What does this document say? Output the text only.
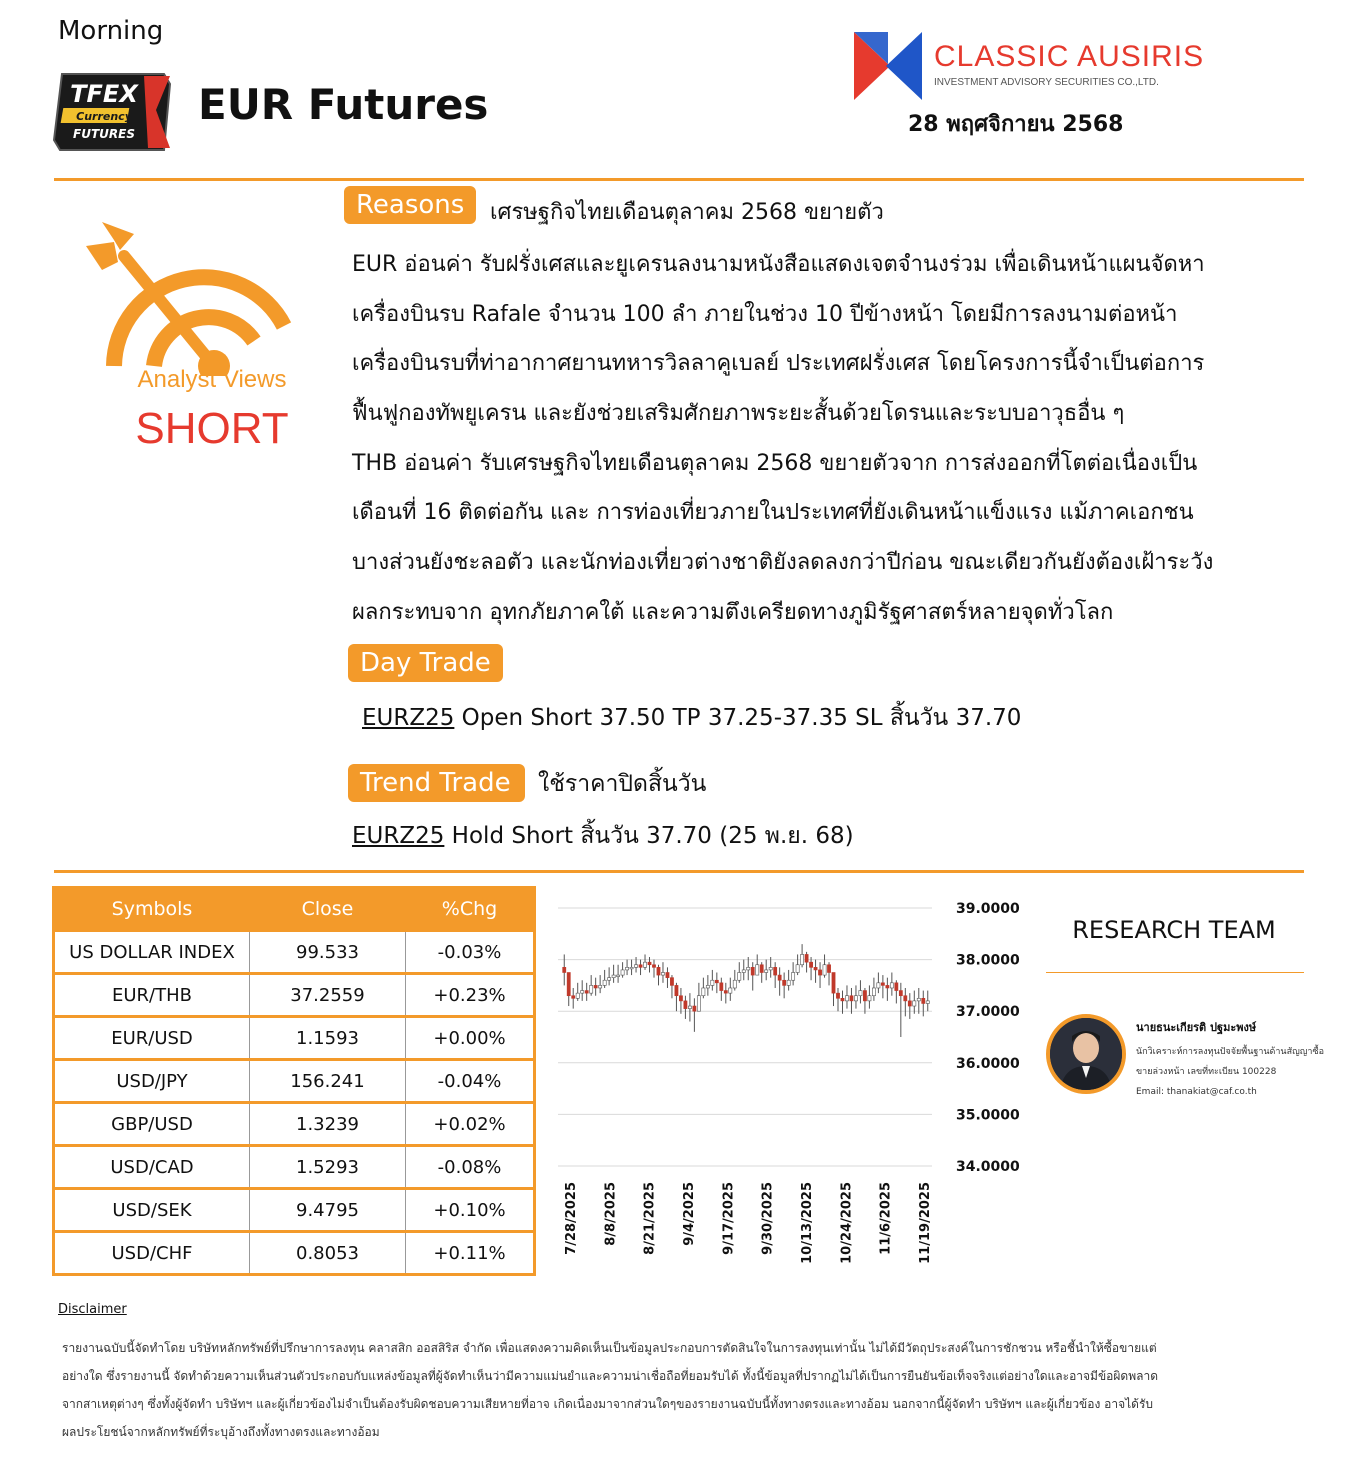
Morning
TFEX
Currency
FUTURES
EUR Futures
CLASSIC AUSIRIS
INVESTMENT ADVISORY SECURITIES CO.,LTD.
28 พฤศจิกายน 2568
Analyst Views
SHORT
Reasons	เศรษฐกิจไทยเดือนตุลาคม 2568 ขยายตัว
EUR อ่อนค่า รับฝรั่งเศสและยูเครนลงนามหนังสือแสดงเจตจำนงร่วม เพื่อเดินหน้าแผนจัดหา
เครื่องบินรบ Rafale จำนวน 100 ลำ ภายในช่วง 10 ปีข้างหน้า โดยมีการลงนามต่อหน้า
เครื่องบินรบที่ท่าอากาศยานทหารวิลลาคูเบลย์ ประเทศฝรั่งเศส โดยโครงการนี้จำเป็นต่อการ
ฟื้นฟูกองทัพยูเครน และยังช่วยเสริมศักยภาพระยะสั้นด้วยโดรนและระบบอาวุธอื่น ๆ
THB อ่อนค่า รับเศรษฐกิจไทยเดือนตุลาคม 2568 ขยายตัวจาก การส่งออกที่โตต่อเนื่องเป็น
เดือนที่ 16 ติดต่อกัน และ การท่องเที่ยวภายในประเทศที่ยังเดินหน้าแข็งแรง แม้ภาคเอกชน
บางส่วนยังชะลอตัว และนักท่องเที่ยวต่างชาติยังลดลงกว่าปีก่อน ขณะเดียวกันยังต้องเฝ้าระวัง
ผลกระทบจาก อุทกภัยภาคใต้ และความตึงเครียดทางภูมิรัฐศาสตร์หลายจุดทั่วโลก
Day Trade
EURZ25 Open Short 37.50 TP 37.25-37.35 SL สิ้นวัน 37.70
Trend Trade	ใช้ราคาปิดสิ้นวัน
EURZ25 Hold Short สิ้นวัน 37.70 (25 พ.ย. 68)
Symbols	Close	%Chg
US DOLLAR INDEX	99.533	-0.03%
EUR/THB	37.2559	+0.23%
EUR/USD	1.1593	+0.00%
USD/JPY	156.241	-0.04%
GBP/USD	1.3239	+0.02%
USD/CAD	1.5293	-0.08%
USD/SEK	9.4795	+0.10%
USD/CHF	0.8053	+0.11%
39.0000
38.0000
37.0000
36.0000
35.0000
34.0000
7/28/2025 8/8/2025 8/21/2025 9/4/2025 9/17/2025 9/30/2025 10/13/2025 10/24/2025 11/6/2025 11/19/2025
RESEARCH TEAM
นายธนะเกียรติ ปฐมะพงษ์
นักวิเคราะห์การลงทุนปัจจัยพื้นฐานด้านสัญญาซื้อ
ขายล่วงหน้า เลขที่ทะเบียน 100228
Email: thanakiat@caf.co.th
Disclaimer
รายงานฉบับนี้จัดทำโดย บริษัทหลักทรัพย์ที่ปรึกษาการลงทุน คลาสสิก ออสสิริส จำกัด เพื่อแสดงความคิดเห็นเป็นข้อมูลประกอบการตัดสินใจในการลงทุนเท่านั้น ไม่ได้มีวัตถุประสงค์ในการชักชวน หรือชี้นำให้ซื้อขายแต่
อย่างใด ซึ่งรายงานนี้ จัดทำด้วยความเห็นส่วนตัวประกอบกับแหล่งข้อมูลที่ผู้จัดทำเห็นว่ามีความแม่นยำและความน่าเชื่อถือที่ยอมรับได้ ทั้งนี้ข้อมูลที่ปรากฏไม่ได้เป็นการยืนยันข้อเท็จจริงแต่อย่างใดและอาจมีข้อผิดพลาด
จากสาเหตุต่างๆ ซึ่งทั้งผู้จัดทำ บริษัทฯ และผู้เกี่ยวข้องไม่จำเป็นต้องรับผิดชอบความเสียหายที่อาจ เกิดเนื่องมาจากส่วนใดๆของรายงานฉบับนี้ทั้งทางตรงและทางอ้อม นอกจากนี้ผู้จัดทำ บริษัทฯ และผู้เกี่ยวข้อง อาจได้รับ
ผลประโยชน์จากหลักทรัพย์ที่ระบุอ้างถึงทั้งทางตรงและทางอ้อม
